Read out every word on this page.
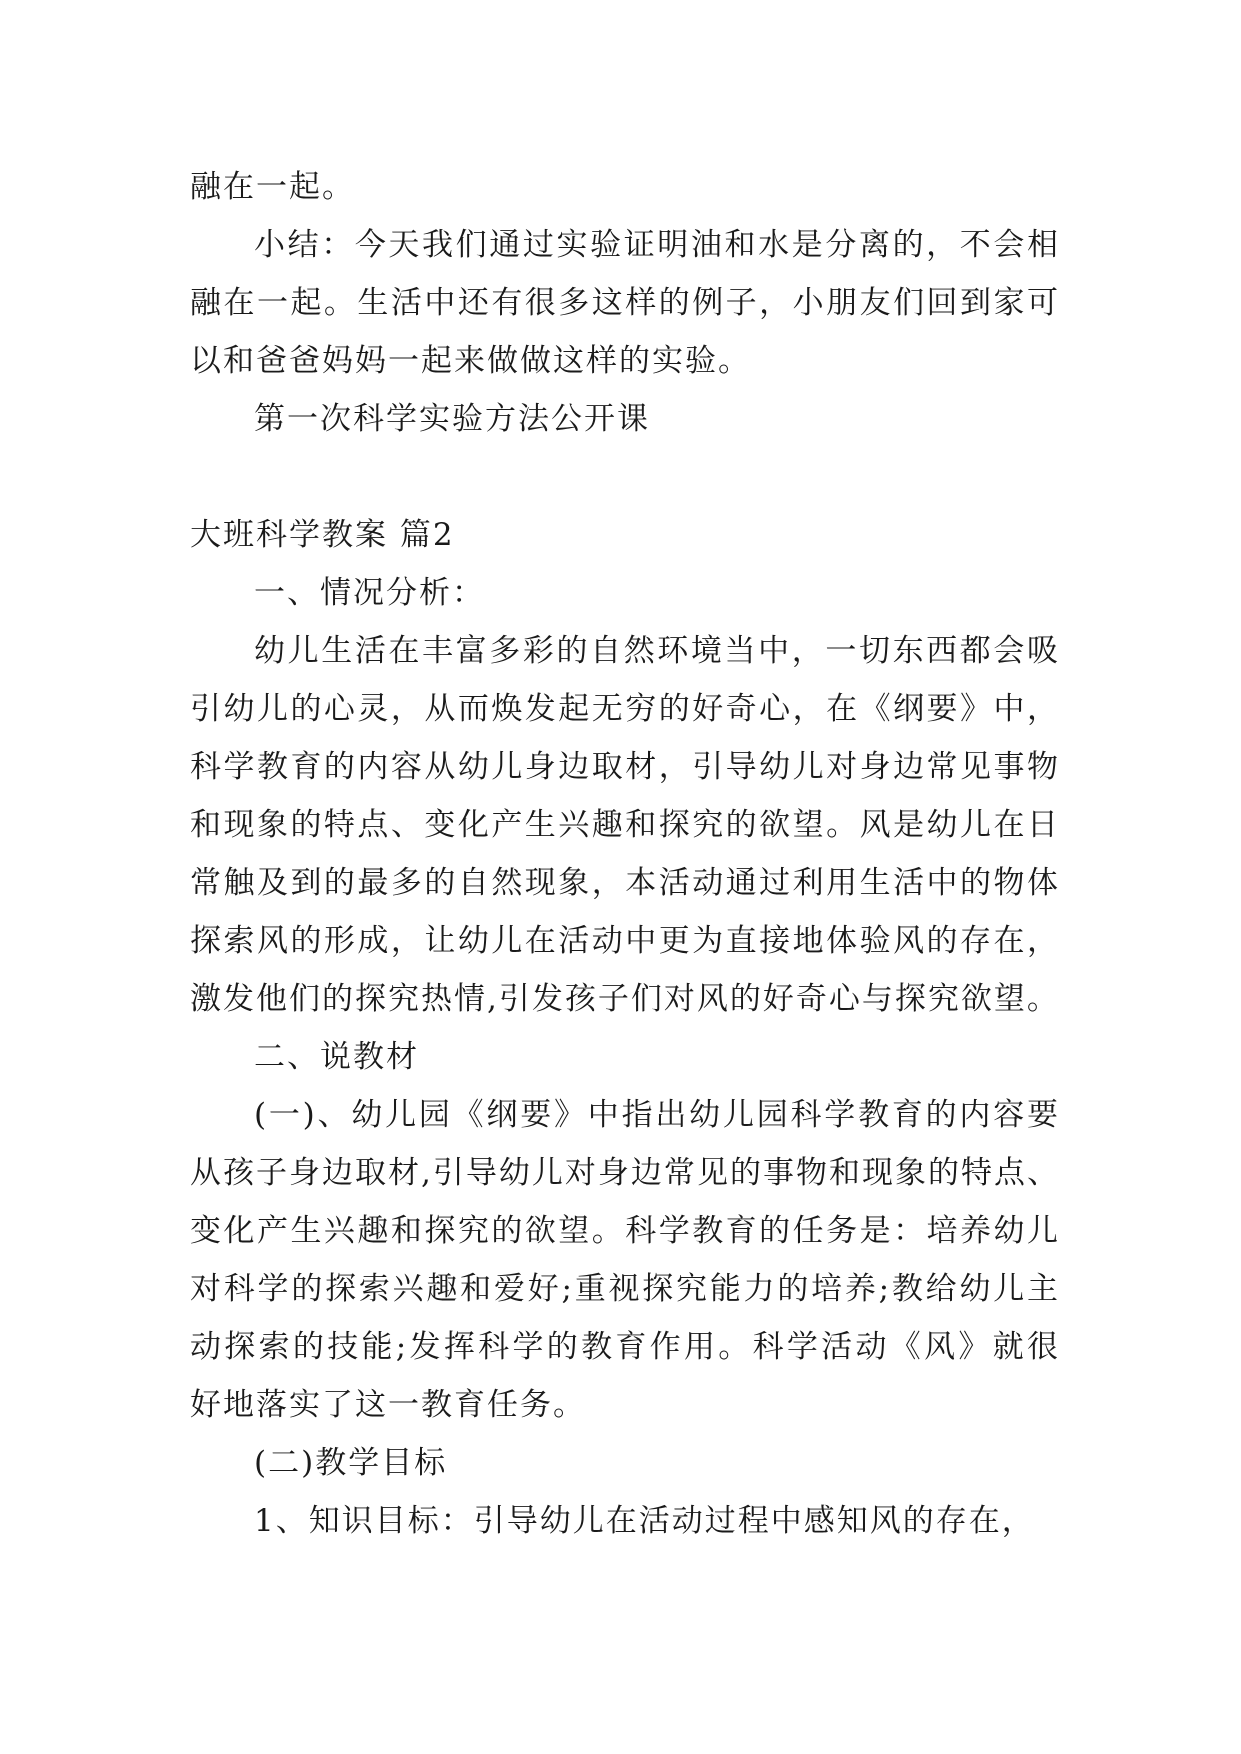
融在一起。

小结：今天我们通过实验证明油和水是分离的，不会相融在一起。生活中还有很多这样的例子，小朋友们回到家可以和爸爸妈妈一起来做做这样的实验。

第一次科学实验方法公开课

大班科学教案 篇2

一、情况分析：

幼儿生活在丰富多彩的自然环境当中，一切东西都会吸引幼儿的心灵，从而焕发起无穷的好奇心，在《纲要》中，科学教育的内容从幼儿身边取材，引导幼儿对身边常见事物和现象的特点、变化产生兴趣和探究的欲望。风是幼儿在日常触及到的最多的自然现象，本活动通过利用生活中的物体探索风的形成，让幼儿在活动中更为直接地体验风的存在，激发他们的探究热情,引发孩子们对风的好奇心与探究欲望。

二、说教材

(一)、幼儿园《纲要》中指出幼儿园科学教育的内容要从孩子身边取材,引导幼儿对身边常见的事物和现象的特点、变化产生兴趣和探究的欲望。科学教育的任务是：培养幼儿对科学的探索兴趣和爱好;重视探究能力的培养;教给幼儿主动探索的技能;发挥科学的教育作用。科学活动《风》就很好地落实了这一教育任务。

(二)教学目标

1、知识目标：引导幼儿在活动过程中感知风的存在，
